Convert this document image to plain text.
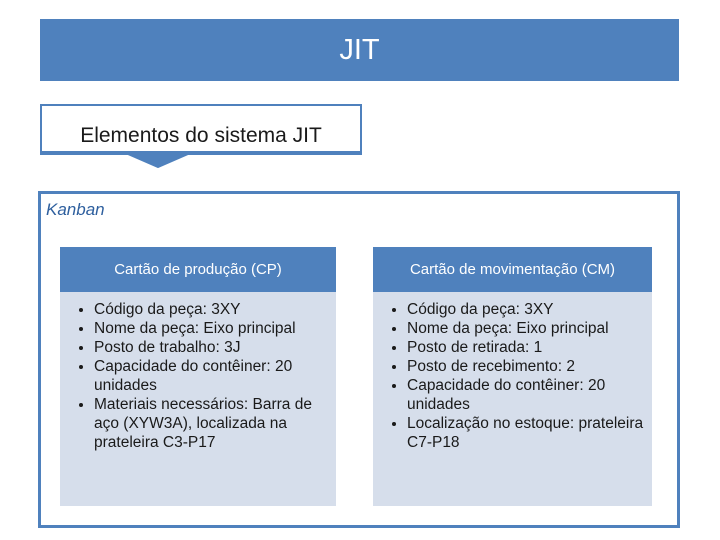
JIT
Elementos do sistema JIT
Kanban
Cartão de produção (CP)
• Código da peça: 3XY
• Nome da peça: Eixo principal
• Posto de trabalho: 3J
• Capacidade do contêiner: 20 unidades
• Materiais necessários: Barra de aço (XYW3A), localizada na prateleira C3-P17
Cartão de movimentação (CM)
• Código da peça: 3XY
• Nome da peça: Eixo principal
• Posto de retirada: 1
• Posto de recebimento: 2
• Capacidade do contêiner: 20 unidades
• Localização no estoque: prateleira C7-P18
